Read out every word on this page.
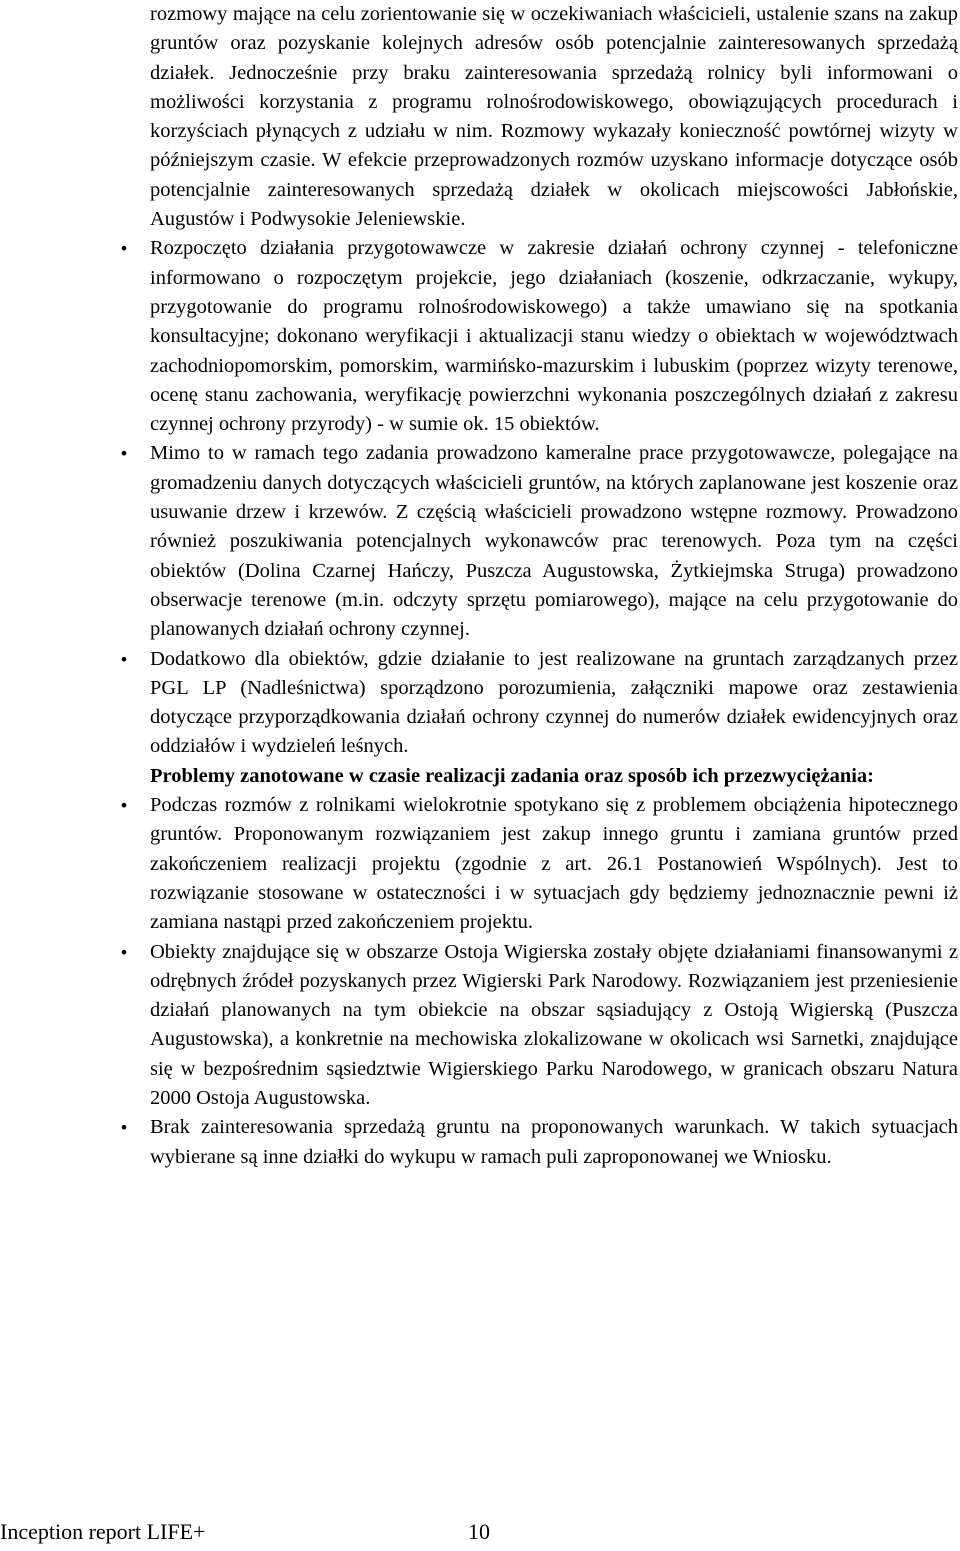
rozmowy mające na celu zorientowanie się w oczekiwaniach właścicieli, ustalenie szans na zakup gruntów oraz pozyskanie kolejnych adresów osób potencjalnie zainteresowanych sprzedażą działek. Jednocześnie przy braku zainteresowania sprzedażą rolnicy byli informowani o możliwości korzystania z programu rolnośrodowiskowego, obowiązujących procedurach i korzyściach płynących z udziału w nim. Rozmowy wykazały konieczność powtórnej wizyty w późniejszym czasie. W efekcie przeprowadzonych rozmów uzyskano informacje dotyczące osób potencjalnie zainteresowanych sprzedażą działek w okolicach miejscowości Jabłońskie, Augustów i Podwysokie Jeleniewskie.

• Rozpoczęto działania przygotowawcze w zakresie działań ochrony czynnej - telefoniczne informowano o rozpoczętym projekcie, jego działaniach (koszenie, odkrzaczanie, wykupy, przygotowanie do programu rolnośrodowiskowego) a także umawiano się na spotkania konsultacyjne; dokonano weryfikacji i aktualizacji stanu wiedzy o obiektach w województwach zachodniopomorskim, pomorskim, warmińsko-mazurskim i lubuskim (poprzez wizyty terenowe, ocenę stanu zachowania, weryfikację powierzchni wykonania poszczególnych działań z zakresu czynnej ochrony przyrody) - w sumie ok. 15 obiektów.
• Mimo to w ramach tego zadania prowadzono kameralne prace przygotowawcze, polegające na gromadzeniu danych dotyczących właścicieli gruntów, na których zaplanowane jest koszenie oraz usuwanie drzew i krzewów. Z częścią właścicieli prowadzono wstępne rozmowy. Prowadzono również poszukiwania potencjalnych wykonawców prac terenowych. Poza tym na części obiektów (Dolina Czarnej Hańczy, Puszcza Augustowska, Żytkiejmska Struga) prowadzono obserwacje terenowe (m.in. odczyty sprzętu pomiarowego), mające na celu przygotowanie do planowanych działań ochrony czynnej.
• Dodatkowo dla obiektów, gdzie działanie to jest realizowane na gruntach zarządzanych przez PGL LP (Nadleśnictwa) sporządzono porozumienia, załączniki mapowe oraz zestawienia dotyczące przyporządkowania działań ochrony czynnej do numerów działek ewidencyjnych oraz oddziałów i wydzieleń leśnych.

Problemy zanotowane w czasie realizacji zadania oraz sposób ich przezwyciężania:

• Podczas rozmów z rolnikami wielokrotnie spotykano się z problemem obciążenia hipotecznego gruntów. Proponowanym rozwiązaniem jest zakup innego gruntu i zamiana gruntów przed zakończeniem realizacji projektu (zgodnie z art. 26.1 Postanowień Wspólnych). Jest to rozwiązanie stosowane w ostateczności i w sytuacjach gdy będziemy jednoznacznie pewni iż zamiana nastąpi przed zakończeniem projektu.
• Obiekty znajdujące się w obszarze Ostoja Wigierska zostały objęte działaniami finansowanymi z odrębnych źródeł pozyskanych przez Wigierski Park Narodowy. Rozwiązaniem jest przeniesienie działań planowanych na tym obiekcie na obszar sąsiadujący z Ostoją Wigierską (Puszcza Augustowska), a konkretnie na mechowiska zlokalizowane w okolicach wsi Sarnetki, znajdujące się w bezpośrednim sąsiedztwie Wigierskiego Parku Narodowego, w granicach obszaru Natura 2000 Ostoja Augustowska.
• Brak zainteresowania sprzedażą gruntu na proponowanych warunkach. W takich sytuacjach wybierane są inne działki do wykupu w ramach puli zaproponowanej we Wniosku.
Inception report LIFE+	10
